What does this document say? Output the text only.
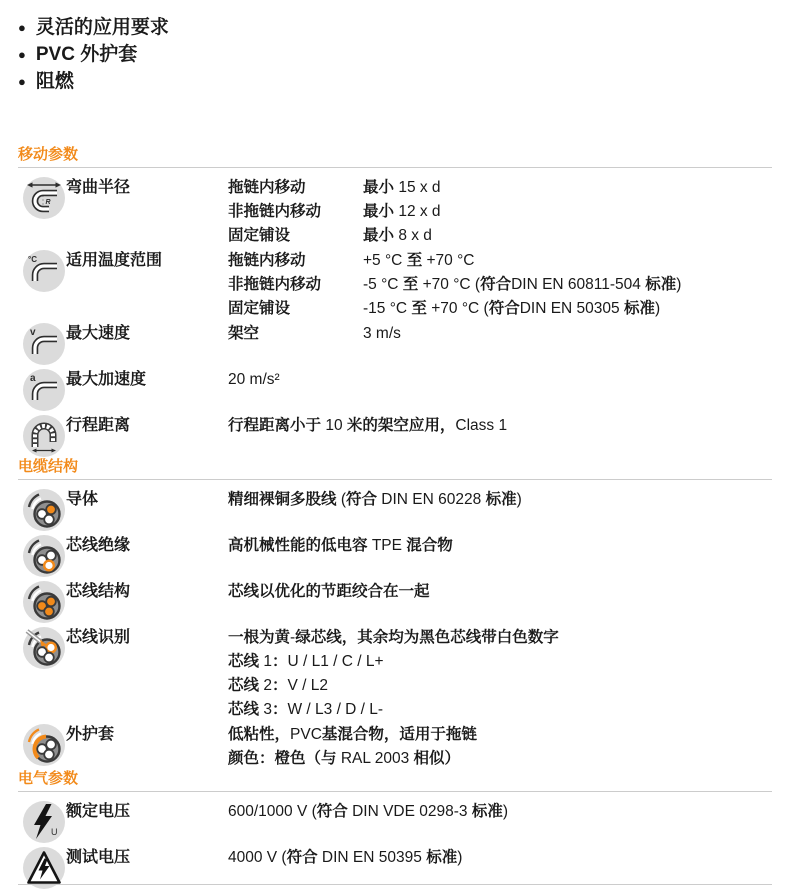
● 灵活的应用要求
● PVC 外护套
● 阻燃
移动参数
R
弯曲半径	拖链内移动	最小 15 x d
非拖链内移动	最小 12 x d
固定铺设	最小 8 x d
°C 适用温度范围	拖链内移动	+5 °C 至 +70 °C
非拖链内移动	-5 °C 至 +70 °C (符合DIN EN 60811-504 标准)
固定铺设	-15 °C 至 +70 °C (符合DIN EN 50305 标准)
v 最大速度	架空	3 m/s
a 最大加速度	20 m/s²
行程距离	行程距离小于 10 米的架空应用，Class 1
电缆结构
导体	精细裸铜多股线 (符合 DIN EN 60228 标准)
芯线绝缘	高机械性能的低电容 TPE 混合物
芯线结构	芯线以优化的节距绞合在一起
芯线识别	一根为黄-绿芯线，其余均为黑色芯线带白色数字
芯线 1：U / L1 / C / L+
芯线 2：V / L2
芯线 3：W / L3 / D / L-
外护套	低粘性，PVC基混合物，适用于拖链
颜色：橙色（与 RAL 2003 相似）
电气参数
U
额定电压	600/1000 V (符合 DIN VDE 0298-3 标准)
测试电压	4000 V (符合 DIN EN 50395 标准)
